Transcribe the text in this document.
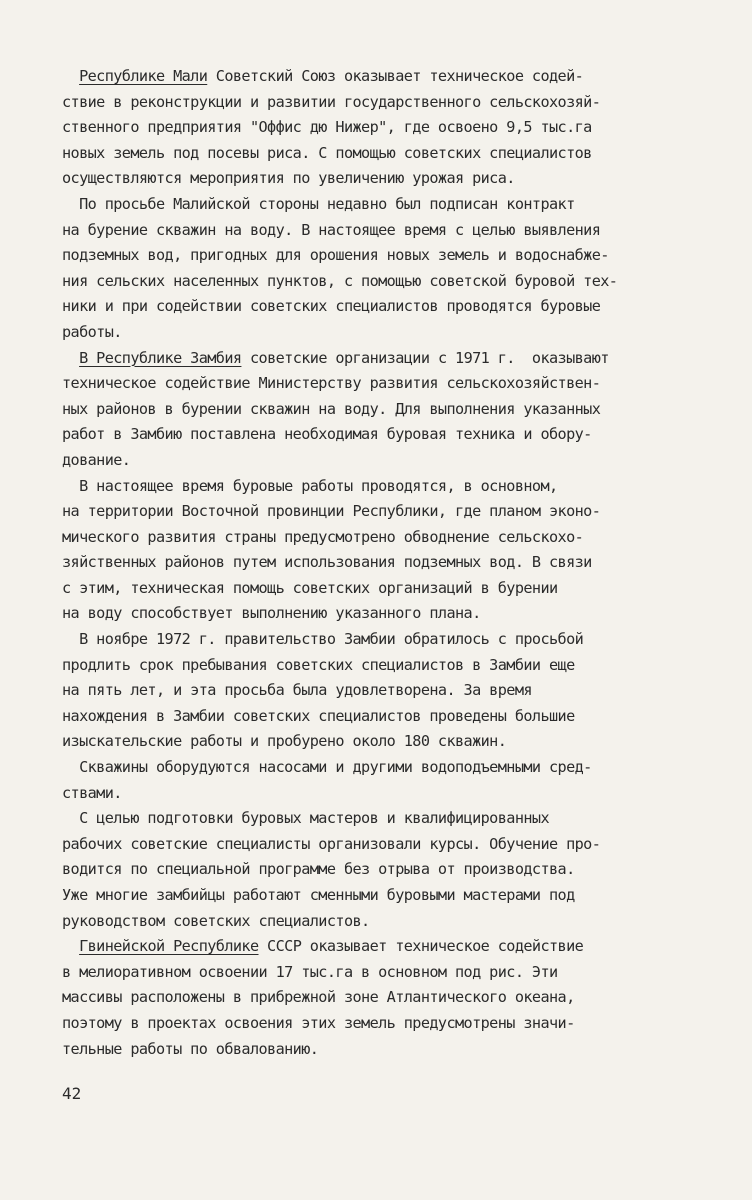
Республике Мали Советский Союз оказывает техническое содей-
ствие в реконструкции и развитии государственного сельскохозяй-
ственного предприятия "Оффис дю Нижер", где освоено 9,5 тыс.га
новых земель под посевы риса. С помощью советских специалистов
осуществляются мероприятия по увеличению урожая риса.
По просьбе Малийской стороны недавно был подписан контракт
на бурение скважин на воду. В настоящее время с целью выявления
подземных вод, пригодных для орошения новых земель и водоснабже-
ния сельских населенных пунктов, с помощью советской буровой тех-
ники и при содействии советских специалистов проводятся буровые
работы.
В Республике Замбия советские организации с 1971 г.  оказывают
техническое содействие Министерству развития сельскохозяйствен-
ных районов в бурении скважин на воду. Для выполнения указанных
работ в Замбию поставлена необходимая буровая техника и обору-
дование.
В настоящее время буровые работы проводятся, в основном,
на территории Восточной провинции Республики, где планом эконо-
мического развития страны предусмотрено обводнение сельскохо-
зяйственных районов путем использования подземных вод. В связи
с этим, техническая помощь советских организаций в бурении
на воду способствует выполнению указанного плана.
В ноябре 1972 г. правительство Замбии обратилось с просьбой
продлить срок пребывания советских специалистов в Замбии еще
на пять лет, и эта просьба была удовлетворена. За время
нахождения в Замбии советских специалистов проведены большие
изыскательские работы и пробурено около 180 скважин.
Скважины оборудуются насосами и другими водоподъемными сред-
ствами.
С целью подготовки буровых мастеров и квалифицированных
рабочих советские специалисты организовали курсы. Обучение про-
водится по специальной программе без отрыва от производства.
Уже многие замбийцы работают сменными буровыми мастерами под
руководством советских специалистов.
Гвинейской Республике СССР оказывает техническое содействие
в мелиоративном освоении 17 тыс.га в основном под рис. Эти
массивы расположены в прибрежной зоне Атлантического океана,
поэтому в проектах освоения этих земель предусмотрены значи-
тельные работы по обвалованию.
42
